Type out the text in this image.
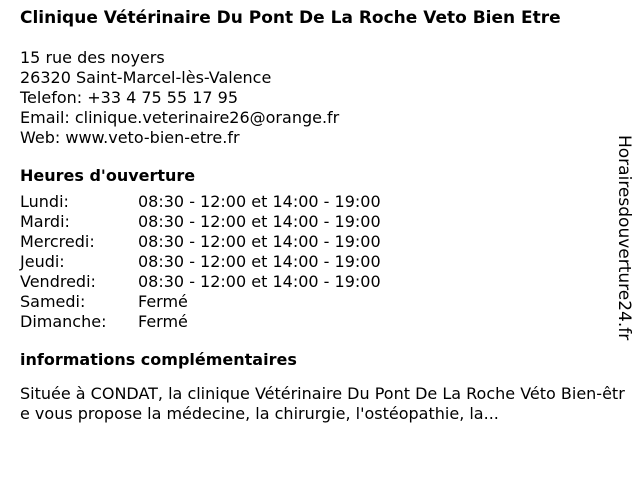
Clinique Vétérinaire Du Pont De La Roche Veto Bien Etre
15 rue des noyers
26320 Saint-Marcel-lès-Valence
Telefon: +33 4 75 55 17 95
Email: clinique.veterinaire26@orange.fr
Web: www.veto-bien-etre.fr
Heures d'ouverture
Lundi:	08:30 - 12:00 et 14:00 - 19:00
Mardi:	08:30 - 12:00 et 14:00 - 19:00
Mercredi:	08:30 - 12:00 et 14:00 - 19:00
Jeudi:	08:30 - 12:00 et 14:00 - 19:00
Vendredi:	08:30 - 12:00 et 14:00 - 19:00
Samedi:	Fermé
Dimanche:	Fermé
informations complémentaires
Située à CONDAT, la clinique Vétérinaire Du Pont De La Roche Véto Bien-être vous propose la médecine, la chirurgie, l'ostéopathie, la...
Horairesdouverture24.fr
